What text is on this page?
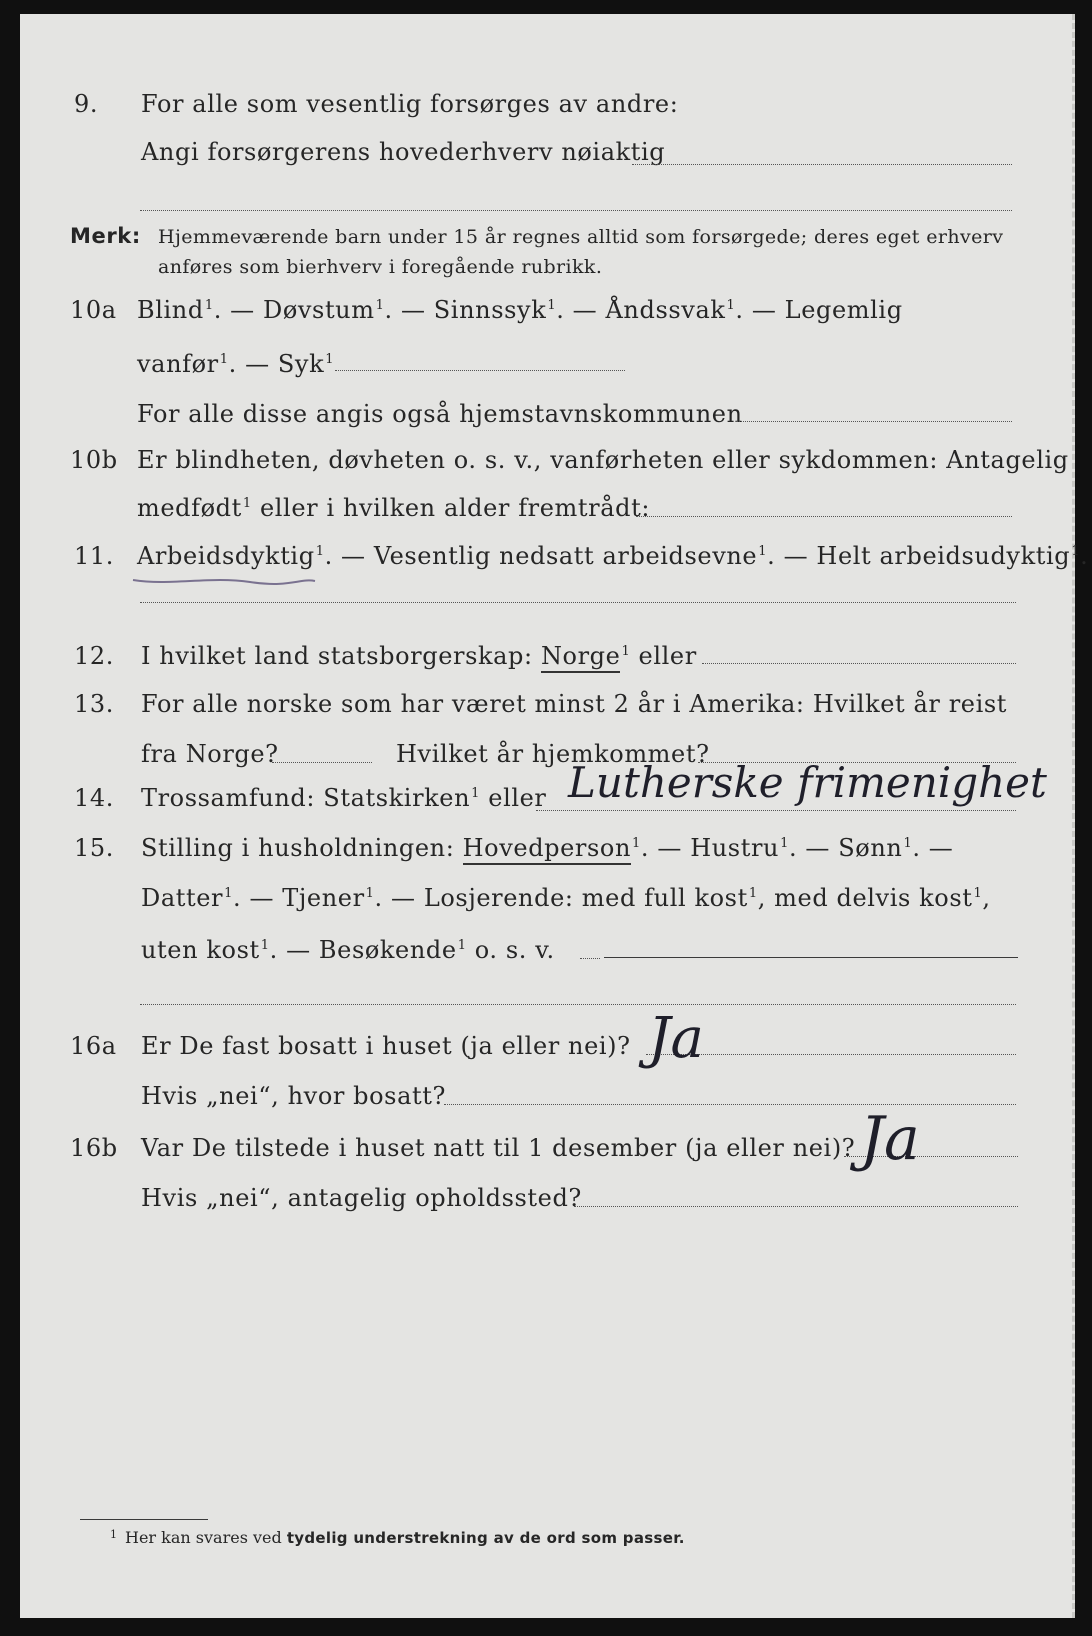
9. For alle som vesentlig forsørges av andre:
Angi forsørgerens hovederhverv nøiaktig
Merk: Hjemmeværende barn under 15 år regnes alltid som forsørgede; deres eget erhverv
anføres som bierhverv i foregående rubrikk.
10a Blind$^1$. — Døvstum$^1$. — Sinnssyk$^1$. — Åndssvak$^1$. — Legemlig
vanfør$^1$. — Syk$^1$
For alle disse angis også hjemstavnskommunen
10b Er blindheten, døvheten o. s. v., vanførheten eller sykdommen: Antagelig
medfødt$^1$ eller i hvilken alder fremtrådt:
11. Arbeidsdyktig$^1$. — Vesentlig nedsatt arbeidsevne$^1$. — Helt arbeidsudyktig$^1$.
12. I hvilket land statsborgerskap: Norge$^1$ eller
13. For alle norske som har været minst 2 år i Amerika: Hvilket år reist
fra Norge?	Hvilket år hjemkommet?
14. Trossamfund: Statskirken$^1$ eller Lutherske frimenighet
15. Stilling i husholdningen: Hovedperson$^1$. — Hustru$^1$. — Sønn$^1$. —
Datter$^1$. — Tjener$^1$. — Losjerende: med full kost$^1$, med delvis kost$^1$,
uten kost$^1$. — Besøkende$^1$ o. s. v.
16a Er De fast bosatt i huset (ja eller nei)?
Hvis „nei“, hvor bosatt?
Ja
16b Var De tilstede i huset natt til 1 desember (ja eller nei)?
Hvis „nei“, antagelig opholdssted?
Ja
$^1$ Her kan svares ved tydelig understrekning av de ord som passer.
